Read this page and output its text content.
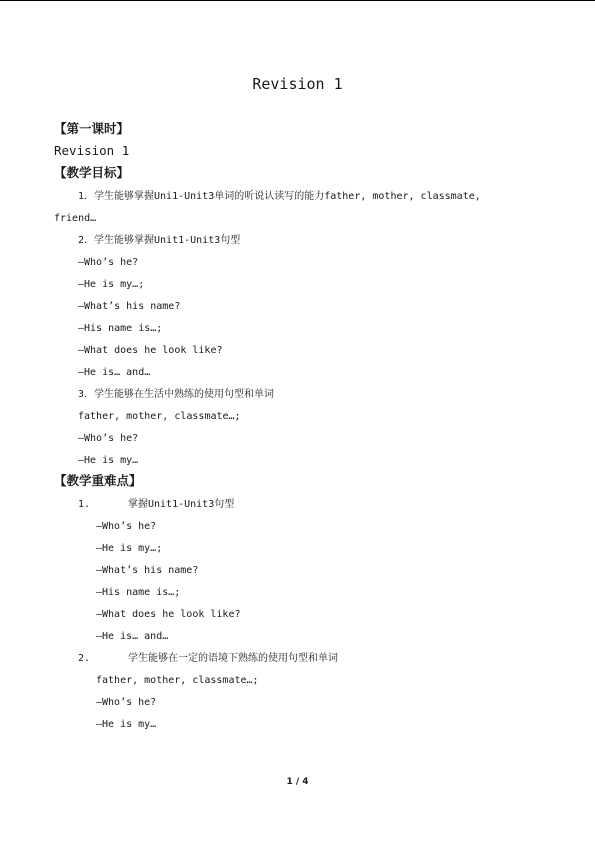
Revision 1
【第一课时】
Revision 1
【教学目标】
1．学生能够掌握Uni1-Unit3单词的听说认读写的能力father, mother, classmate,
friend…
2．学生能够掌握Unit1-Unit3句型
—Who’s he?
—He is my…;
—What’s his name?
—His name is…;
—What does he look like?
—He is… and…
3．学生能够在生活中熟练的使用句型和单词
father, mother, classmate…;
—Who’s he?
—He is my…
【教学重难点】
1.	掌握Unit1-Unit3句型
—Who’s he?
—He is my…;
—What’s his name?
—His name is…;
—What does he look like?
—He is… and…
2.	学生能够在一定的语境下熟练的使用句型和单词
father, mother, classmate…;
—Who’s he?
—He is my…
1 / 4
